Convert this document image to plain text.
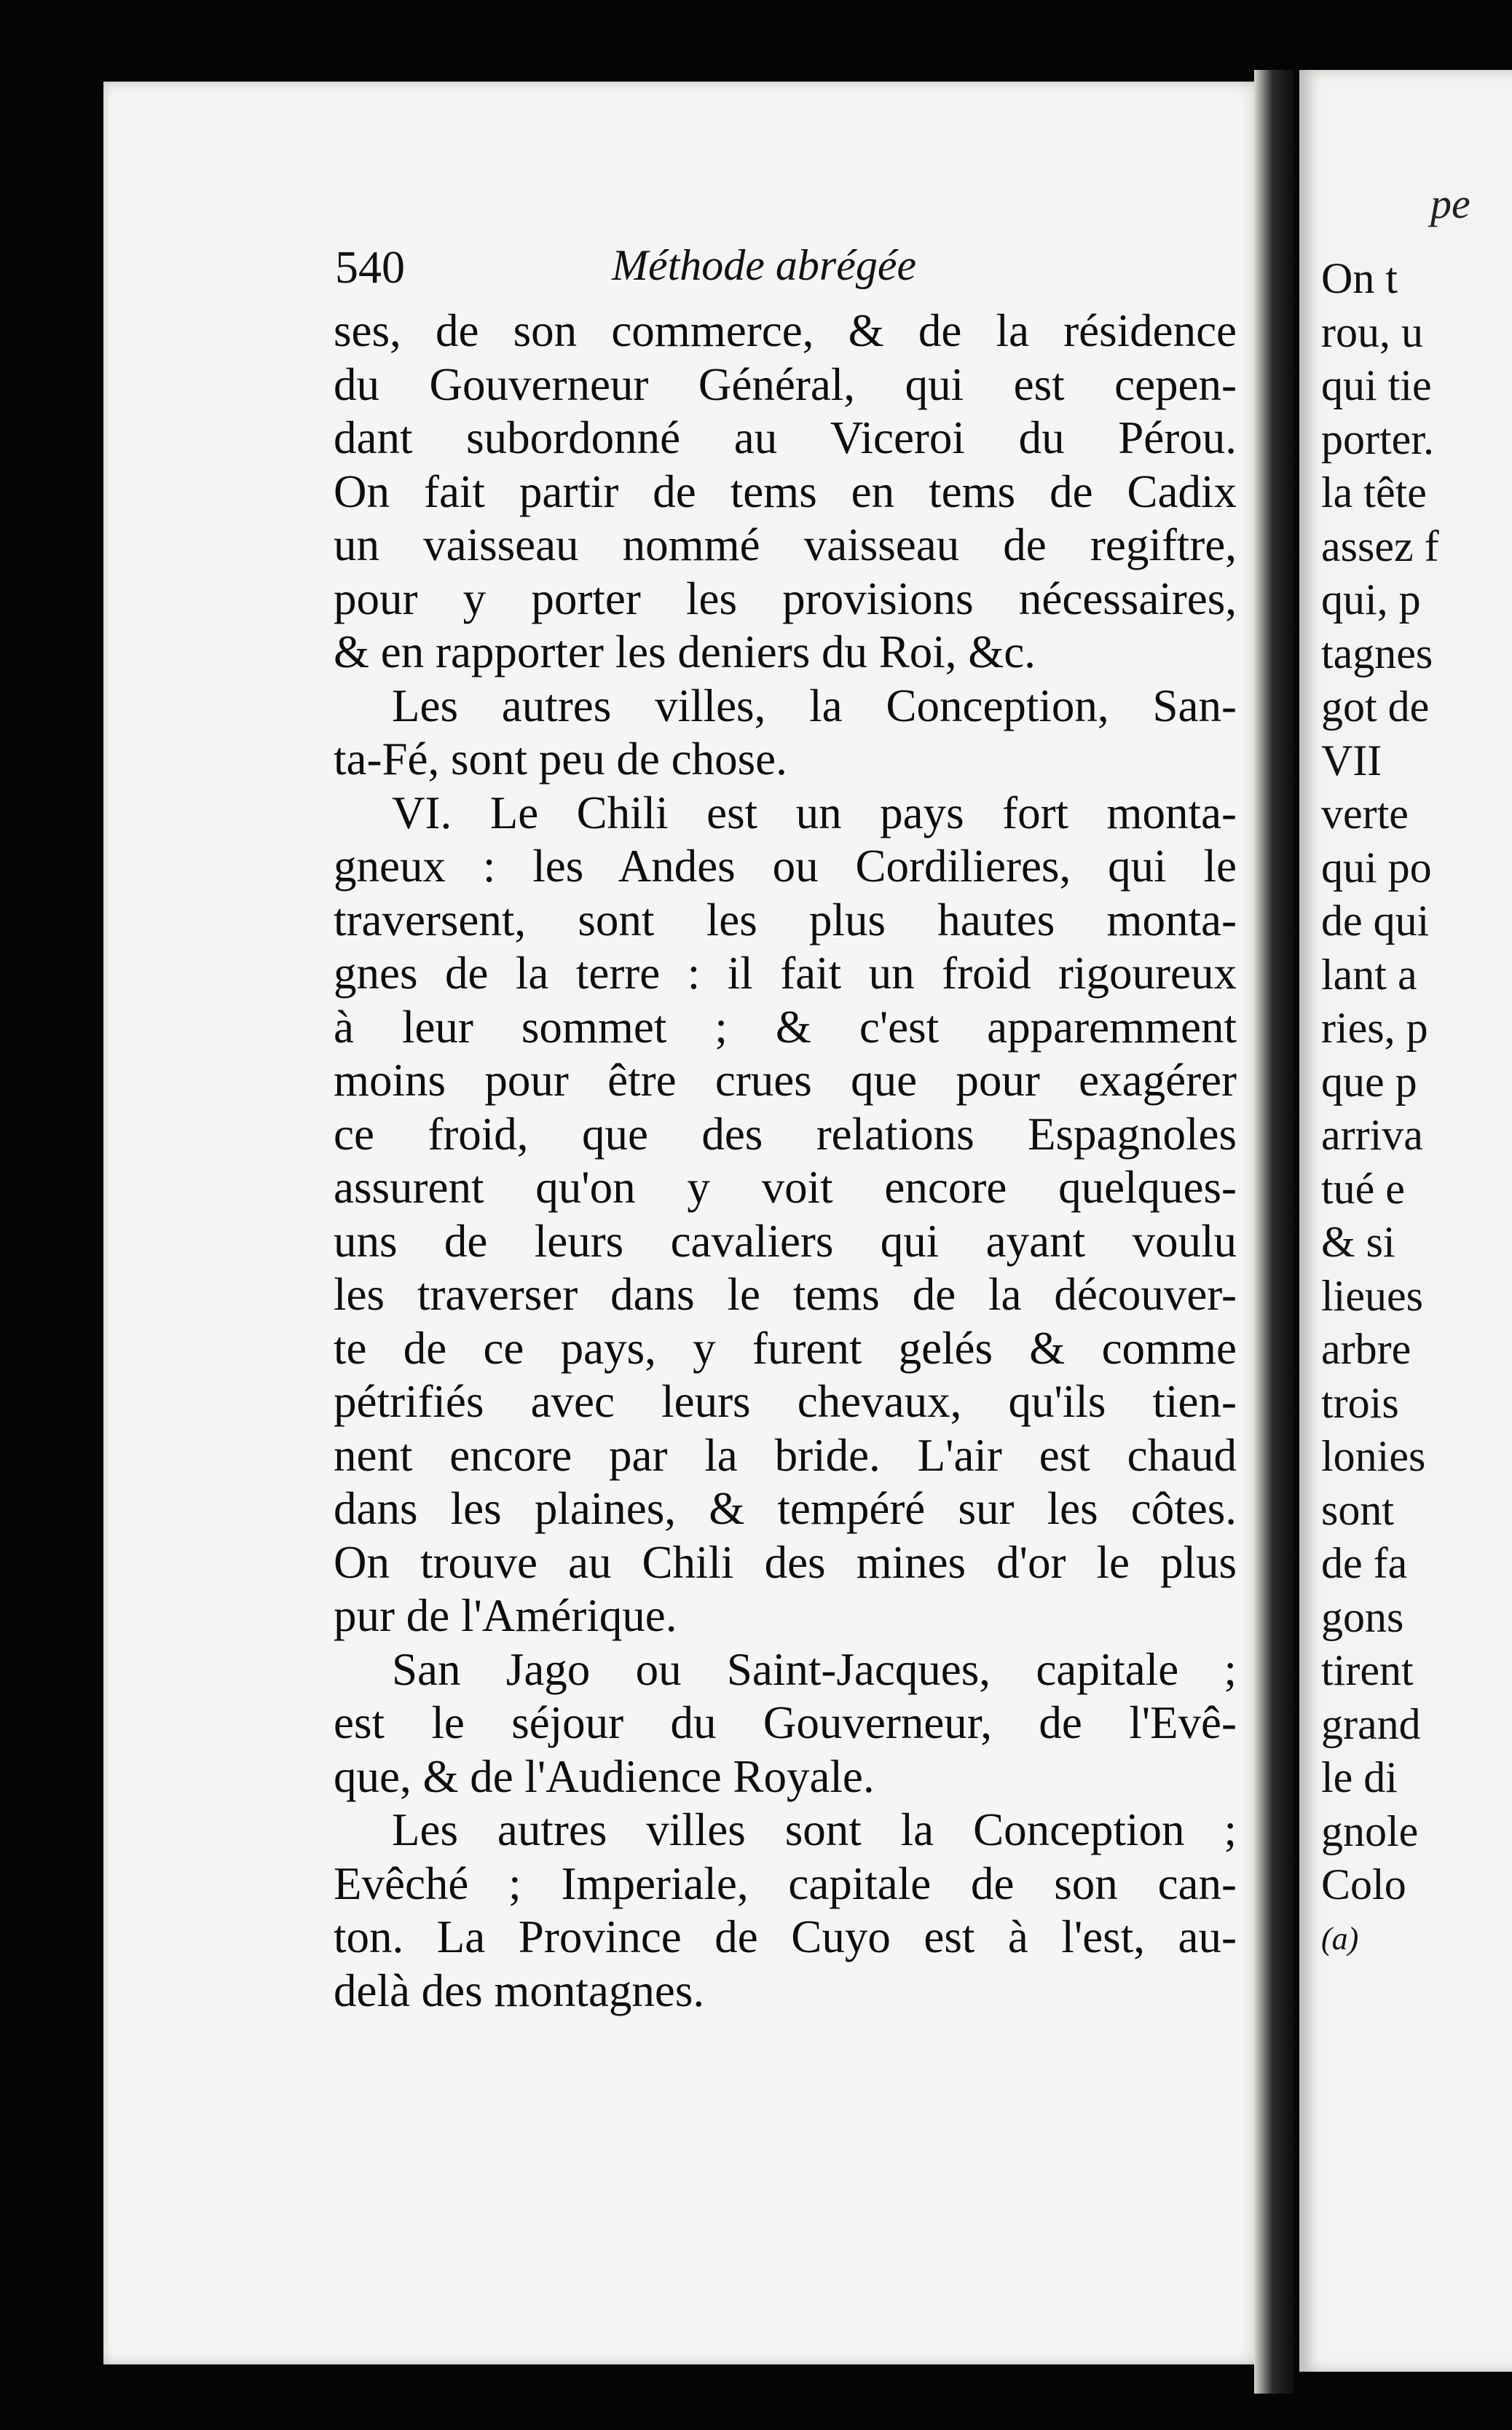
pe
On t
rou, u
qui tie
porter.
la tête
assez f
qui, p
tagnes
got de
VII
verte
qui po
de qui
lant a
ries, p
que p
arriva
tué e
& si
lieues
arbre
trois
lonies
sont
de fa
gons
tirent
grand
le di
gnole
Colo
(a)
540	Méthode abrégée
ses, de son commerce, & de la résidence
du Gouverneur Général, qui est cepen-
dant subordonné au Viceroi du Pérou.
On fait partir de tems en tems de Cadix
un vaisseau nommé vaisseau de regiftre,
pour y porter les provisions nécessaires,
& en rapporter les deniers du Roi, &c.
Les autres villes, la Conception, San-
ta-Fé, sont peu de chose.
VI. Le Chili est un pays fort monta-
gneux : les Andes ou Cordilieres, qui le
traversent, sont les plus hautes monta-
gnes de la terre : il fait un froid rigoureux
à leur sommet ; & c'est apparemment
moins pour être crues que pour exagérer
ce froid, que des relations Espagnoles
assurent qu'on y voit encore quelques-
uns de leurs cavaliers qui ayant voulu
les traverser dans le tems de la découver-
te de ce pays, y furent gelés & comme
pétrifiés avec leurs chevaux, qu'ils tien-
nent encore par la bride. L'air est chaud
dans les plaines, & tempéré sur les côtes.
On trouve au Chili des mines d'or le plus
pur de l'Amérique.
San Jago ou Saint-Jacques, capitale ;
est le séjour du Gouverneur, de l'Evê-
que, & de l'Audience Royale.
Les autres villes sont la Conception ;
Evêché ; Imperiale, capitale de son can-
ton. La Province de Cuyo est à l'est, au-
delà des montagnes.
